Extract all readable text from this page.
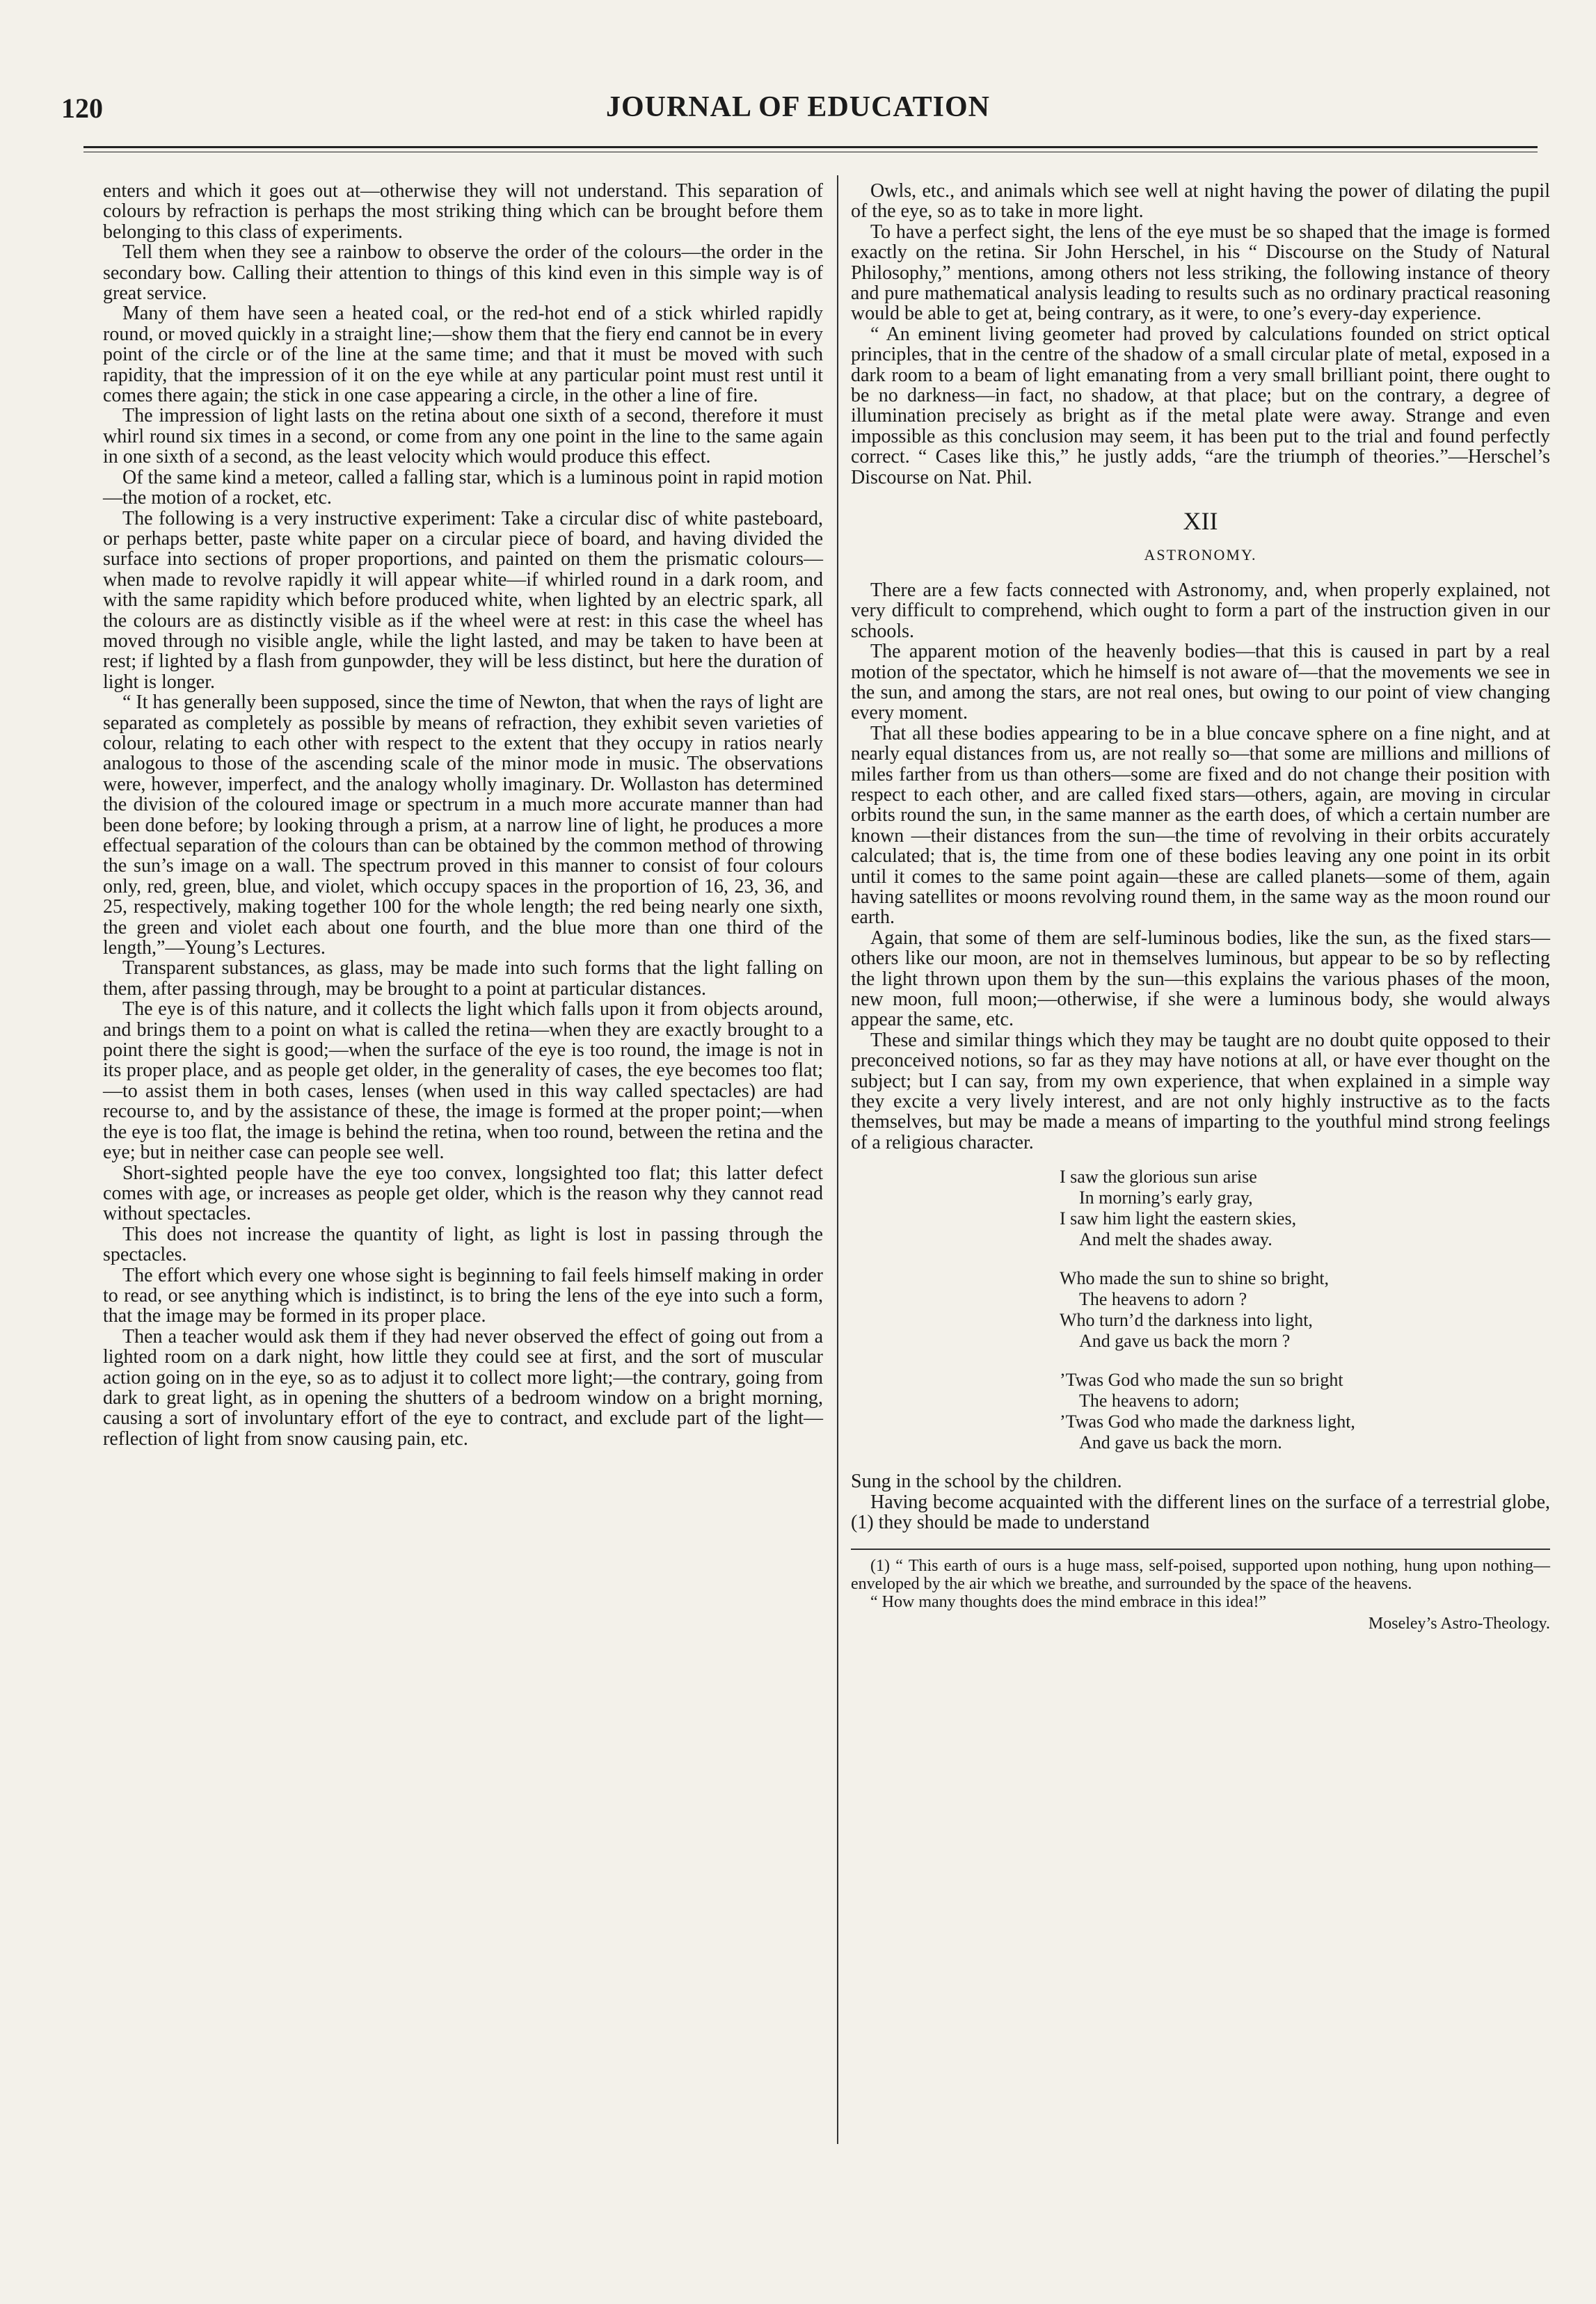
120	JOURNAL OF EDUCATION

enters and which it goes out at—otherwise they will not understand. This separation of colours by refraction is perhaps the most striking thing which can be brought before them belonging to this class of experiments.

Tell them when they see a rainbow to observe the order of the colours—the order in the secondary bow. Calling their attention to things of this kind even in this simple way is of great service.

Many of them have seen a heated coal, or the red-hot end of a stick whirled rapidly round, or moved quickly in a straight line;—show them that the fiery end cannot be in every point of the circle or of the line at the same time; and that it must be moved with such rapidity, that the impression of it on the eye while at any particular point must rest until it comes there again; the stick in one case appearing a circle, in the other a line of fire.

The impression of light lasts on the retina about one sixth of a second, therefore it must whirl round six times in a second, or come from any one point in the line to the same again in one sixth of a second, as the least velocity which would produce this effect.

Of the same kind a meteor, called a falling star, which is a luminous point in rapid motion—the motion of a rocket, etc.

The following is a very instructive experiment: Take a circular disc of white pasteboard, or perhaps better, paste white paper on a circular piece of board, and having divided the surface into sections of proper proportions, and painted on them the prismatic colours—when made to revolve rapidly it will appear white—if whirled round in a dark room, and with the same rapidity which before produced white, when lighted by an electric spark, all the colours are as distinctly visible as if the wheel were at rest: in this case the wheel has moved through no visible angle, while the light lasted, and may be taken to have been at rest; if lighted by a flash from gunpowder, they will be less distinct, but here the duration of light is longer.

“ It has generally been supposed, since the time of Newton, that when the rays of light are separated as completely as possible by means of refraction, they exhibit seven varieties of colour, relating to each other with respect to the extent that they occupy in ratios nearly analogous to those of the ascending scale of the minor mode in music. The observations were, however, imperfect, and the analogy wholly imaginary. Dr. Wollaston has determined the division of the coloured image or spectrum in a much more accurate manner than had been done before; by looking through a prism, at a narrow line of light, he produces a more effectual separation of the colours than can be obtained by the common method of throwing the sun’s image on a wall. The spectrum proved in this manner to consist of four colours only, red, green, blue, and violet, which occupy spaces in the proportion of 16, 23, 36, and 25, respectively, making together 100 for the whole length; the red being nearly one sixth, the green and violet each about one fourth, and the blue more than one third of the length,”—Young’s Lectures.

Transparent substances, as glass, may be made into such forms that the light falling on them, after passing through, may be brought to a point at particular distances.

The eye is of this nature, and it collects the light which falls upon it from objects around, and brings them to a point on what is called the retina—when they are exactly brought to a point there the sight is good;—when the surface of the eye is too round, the image is not in its proper place, and as people get older, in the generality of cases, the eye becomes too flat;—to assist them in both cases, lenses (when used in this way called spectacles) are had recourse to, and by the assistance of these, the image is formed at the proper point;—when the eye is too flat, the image is behind the retina, when too round, between the retina and the eye; but in neither case can people see well.

Short-sighted people have the eye too convex, longsighted too flat; this latter defect comes with age, or increases as people get older, which is the reason why they cannot read without spectacles.

This does not increase the quantity of light, as light is lost in passing through the spectacles.

The effort which every one whose sight is beginning to fail feels himself making in order to read, or see anything which is indistinct, is to bring the lens of the eye into such a form, that the image may be formed in its proper place.

Then a teacher would ask them if they had never observed the effect of going out from a lighted room on a dark night, how little they could see at first, and the sort of muscular action going on in the eye, so as to adjust it to collect more light;—the contrary, going from dark to great light, as in opening the shutters of a bedroom window on a bright morning, causing a sort of involuntary effort of the eye to contract, and exclude part of the light—reflection of light from snow causing pain, etc.

Owls, etc., and animals which see well at night having the power of dilating the pupil of the eye, so as to take in more light.

To have a perfect sight, the lens of the eye must be so shaped that the image is formed exactly on the retina. Sir John Herschel, in his “ Discourse on the Study of Natural Philosophy,” mentions, among others not less striking, the following instance of theory and pure mathematical analysis leading to results such as no ordinary practical reasoning would be able to get at, being contrary, as it were, to one’s every-day experience.

“ An eminent living geometer had proved by calculations founded on strict optical principles, that in the centre of the shadow of a small circular plate of metal, exposed in a dark room to a beam of light emanating from a very small brilliant point, there ought to be no darkness—in fact, no shadow, at that place; but on the contrary, a degree of illumination precisely as bright as if the metal plate were away. Strange and even impossible as this conclusion may seem, it has been put to the trial and found perfectly correct. “ Cases like this,” he justly adds, “are the triumph of theories.”—Herschel’s Discourse on Nat. Phil.

XII
ASTRONOMY.

There are a few facts connected with Astronomy, and, when properly explained, not very difficult to comprehend, which ought to form a part of the instruction given in our schools.

The apparent motion of the heavenly bodies—that this is caused in part by a real motion of the spectator, which he himself is not aware of—that the movements we see in the sun, and among the stars, are not real ones, but owing to our point of view changing every moment.

That all these bodies appearing to be in a blue concave sphere on a fine night, and at nearly equal distances from us, are not really so—that some are millions and millions of miles farther from us than others—some are fixed and do not change their position with respect to each other, and are called fixed stars—others, again, are moving in circular orbits round the sun, in the same manner as the earth does, of which a certain number are known —their distances from the sun—the time of revolving in their orbits accurately calculated; that is, the time from one of these bodies leaving any one point in its orbit until it comes to the same point again—these are called planets—some of them, again having satellites or moons revolving round them, in the same way as the moon round our earth.

Again, that some of them are self-luminous bodies, like the sun, as the fixed stars—others like our moon, are not in themselves luminous, but appear to be so by reflecting the light thrown upon them by the sun—this explains the various phases of the moon, new moon, full moon;—otherwise, if she were a luminous body, she would always appear the same, etc.

These and similar things which they may be taught are no doubt quite opposed to their preconceived notions, so far as they may have notions at all, or have ever thought on the subject; but I can say, from my own experience, that when explained in a simple way they excite a very lively interest, and are not only highly instructive as to the facts themselves, but may be made a means of imparting to the youthful mind strong feelings of a religious character.

I saw the glorious sun arise
In morning’s early gray,
I saw him light the eastern skies,
And melt the shades away.
Who made the sun to shine so bright,
The heavens to adorn ?
Who turn’d the darkness into light,
And gave us back the morn ?
’Twas God who made the sun so bright
The heavens to adorn;
’Twas God who made the darkness light,
And gave us back the morn.

Sung in the school by the children.

Having become acquainted with the different lines on the surface of a terrestrial globe, (1) they should be made to understand

(1) “ This earth of ours is a huge mass, self-poised, supported upon nothing, hung upon nothing—enveloped by the air which we breathe, and surrounded by the space of the heavens.

“ How many thoughts does the mind embrace in this idea!”

Moseley’s Astro-Theology.
